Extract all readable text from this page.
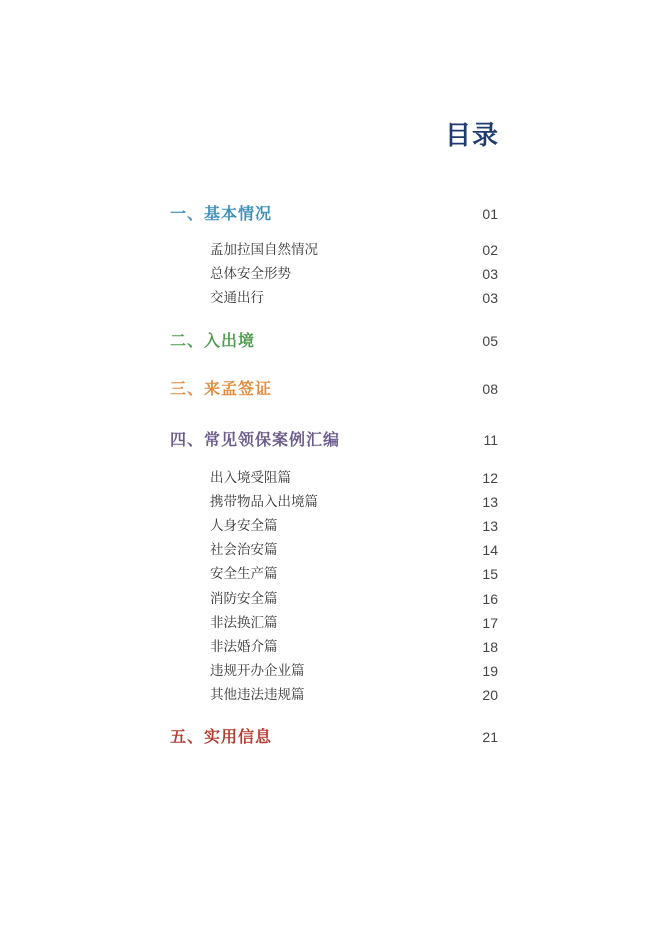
目录
一、基本情况	01
孟加拉国自然情况	02
总体安全形势	03
交通出行	03
二、入出境	05
三、来孟签证	08
四、常见领保案例汇编	11
出入境受阻篇	12
携带物品入出境篇	13
人身安全篇	13
社会治安篇	14
安全生产篇	15
消防安全篇	16
非法换汇篇	17
非法婚介篇	18
违规开办企业篇	19
其他违法违规篇	20
五、实用信息	21
